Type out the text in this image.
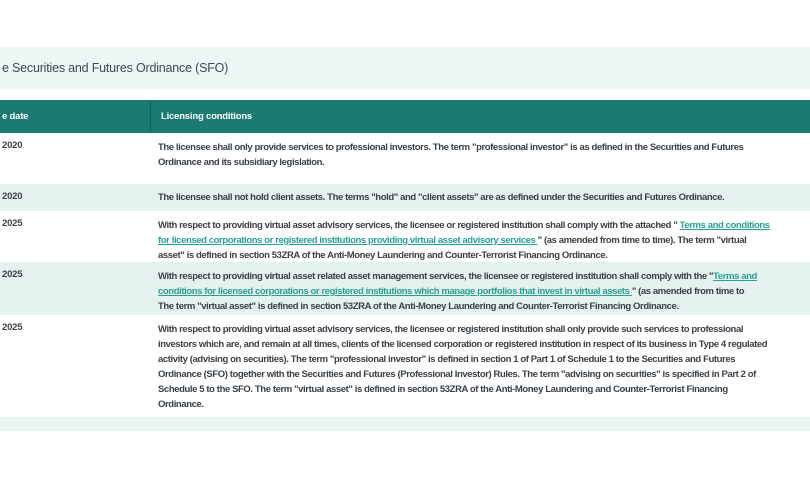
e Securities and Futures Ordinance (SFO)
e date	Licensing conditions
2020	The licensee shall only provide services to professional investors. The term "professional investor" is as defined in the Securities and Futures
Ordinance and its subsidiary legislation.
2020	The licensee shall not hold client assets. The terms "hold" and "client assets" are as defined under the Securities and Futures Ordinance.
2025	With respect to providing virtual asset advisory services, the licensee or registered institution shall comply with the attached " Terms and conditions
for licensed corporations or registered institutions providing virtual asset advisory services " (as amended from time to time). The term "virtual
asset" is defined in section 53ZRA of the Anti-Money Laundering and Counter-Terrorist Financing Ordinance.
2025	With respect to providing virtual asset related asset management services, the licensee or registered institution shall comply with the "Terms and
conditions for licensed corporations or registered institutions which manage portfolios that invest in virtual assets " (as amended from time to
The term "virtual asset" is defined in section 53ZRA of the Anti-Money Laundering and Counter-Terrorist Financing Ordinance.
2025	With respect to providing virtual asset advisory services, the licensee or registered institution shall only provide such services to professional
investors which are, and remain at all times, clients of the licensed corporation or registered institution in respect of its business in Type 4 regulated
activity (advising on securities). The term "professional investor" is defined in section 1 of Part 1 of Schedule 1 to the Securities and Futures
Ordinance (SFO) together with the Securities and Futures (Professional Investor) Rules. The term "advising on securities" is specified in Part 2 of
Schedule 5 to the SFO. The term "virtual asset" is defined in section 53ZRA of the Anti-Money Laundering and Counter-Terrorist Financing
Ordinance.
